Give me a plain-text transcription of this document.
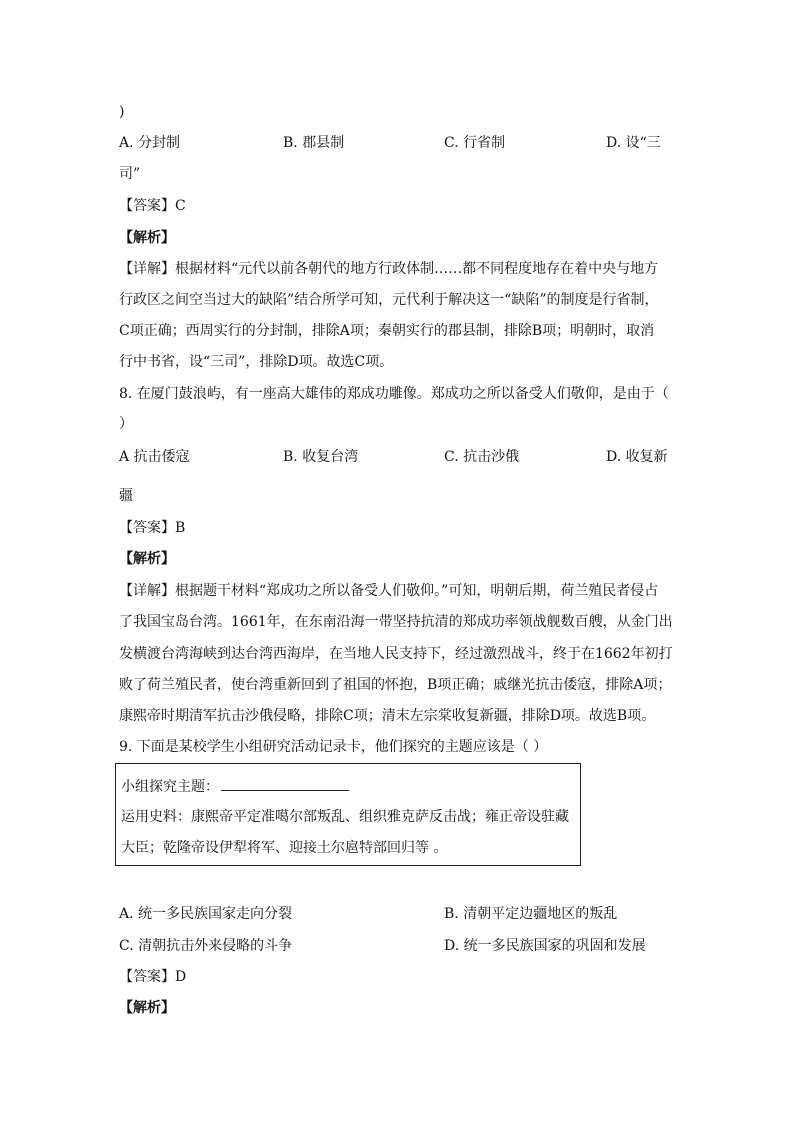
)
A. 分封制	B. 郡县制	C. 行省制	D. 设“三
司”
【答案】C
【解析】
【详解】根据材料“元代以前各朝代的地方行政体制……都不同程度地存在着中央与地方
行政区之间空当过大的缺陷”结合所学可知，元代利于解决这一“缺陷”的制度是行省制，
C项正确；西周实行的分封制，排除A项；秦朝实行的郡县制，排除B项；明朝时，取消
行中书省，设“三司”，排除D项。故选C项。
8. 在厦门鼓浪屿，有一座高大雄伟的郑成功雕像。郑成功之所以备受人们敬仰，是由于（
）
A 抗击倭寇	B. 收复台湾	C. 抗击沙俄	D. 收复新
疆
【答案】B
【解析】
【详解】根据题干材料“郑成功之所以备受人们敬仰。”可知，明朝后期，荷兰殖民者侵占
了我国宝岛台湾。1661年，在东南沿海一带坚持抗清的郑成功率领战舰数百艘，从金门出
发横渡台湾海峡到达台湾西海岸，在当地人民支持下，经过激烈战斗，终于在1662年初打
败了荷兰殖民者，使台湾重新回到了祖国的怀抱，B项正确；戚继光抗击倭寇，排除A项；
康熙帝时期清军抗击沙俄侵略，排除C项；清末左宗棠收复新疆，排除D项。故选B项。
9. 下面是某校学生小组研究活动记录卡，他们探究的主题应该是（ ）
小组探究主题：
运用史料：康熙帝平定准噶尔部叛乱、组织雅克萨反击战；雍正帝设驻藏
大臣；乾隆帝设伊犁将军、迎接土尔扈特部回归等 。
A. 统一多民族国家走向分裂	B. 清朝平定边疆地区的叛乱
C. 清朝抗击外来侵略的斗争	D. 统一多民族国家的巩固和发展
【答案】D
【解析】
